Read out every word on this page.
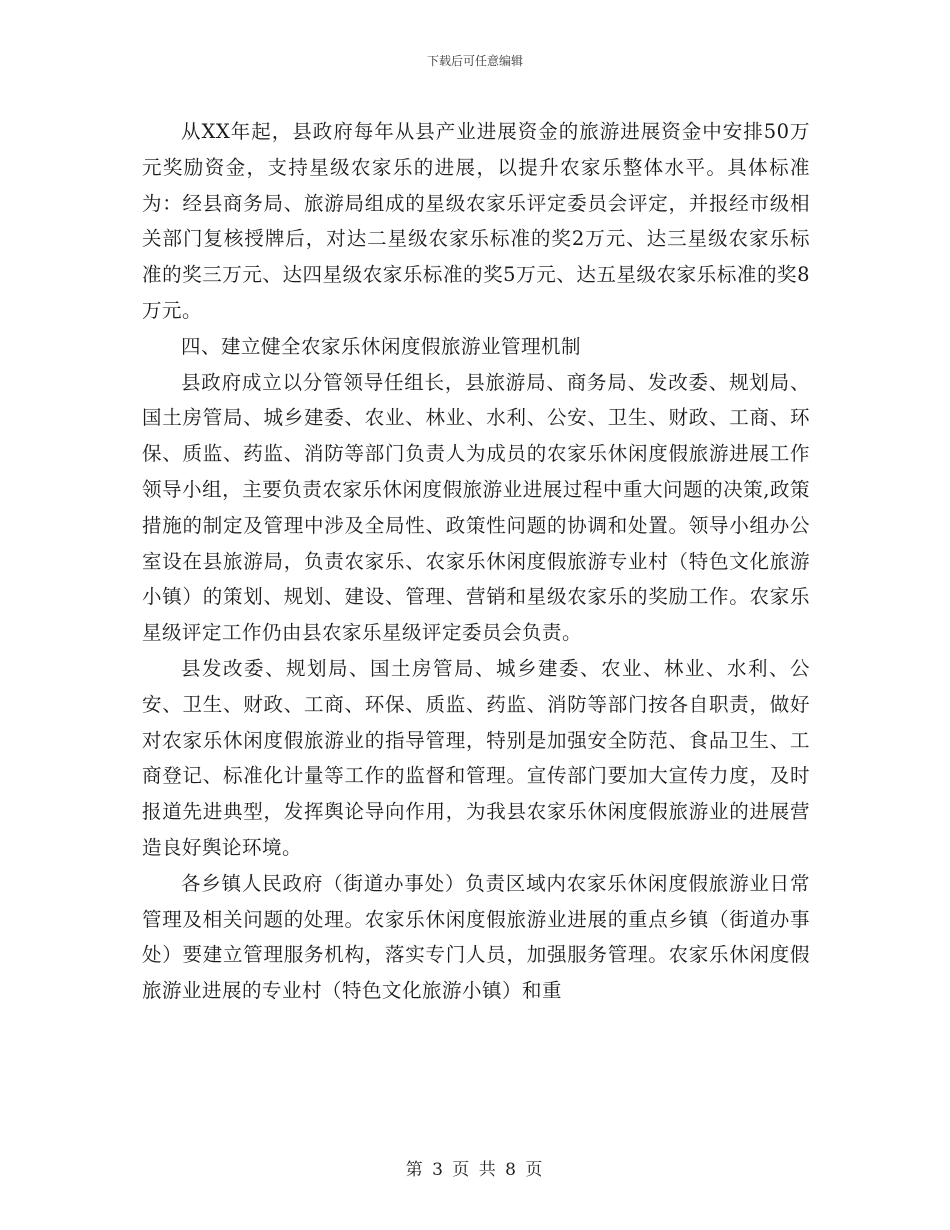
下载后可任意编辑

从XX年起，县政府每年从县产业进展资金的旅游进展资金中安排50万元奖励资金，支持星级农家乐的进展，以提升农家乐整体水平。具体标准为：经县商务局、旅游局组成的星级农家乐评定委员会评定，并报经市级相关部门复核授牌后，对达二星级农家乐标准的奖2万元、达三星级农家乐标准的奖三万元、达四星级农家乐标准的奖5万元、达五星级农家乐标准的奖8万元。

四、建立健全农家乐休闲度假旅游业管理机制

县政府成立以分管领导任组长，县旅游局、商务局、发改委、规划局、国土房管局、城乡建委、农业、林业、水利、公安、卫生、财政、工商、环保、质监、药监、消防等部门负责人为成员的农家乐休闲度假旅游进展工作领导小组，主要负责农家乐休闲度假旅游业进展过程中重大问题的决策,政策措施的制定及管理中涉及全局性、政策性问题的协调和处置。领导小组办公室设在县旅游局，负责农家乐、农家乐休闲度假旅游专业村（特色文化旅游小镇）的策划、规划、建设、管理、营销和星级农家乐的奖励工作。农家乐星级评定工作仍由县农家乐星级评定委员会负责。

县发改委、规划局、国土房管局、城乡建委、农业、林业、水利、公安、卫生、财政、工商、环保、质监、药监、消防等部门按各自职责，做好对农家乐休闲度假旅游业的指导管理，特别是加强安全防范、食品卫生、工商登记、标准化计量等工作的监督和管理。宣传部门要加大宣传力度，及时报道先进典型，发挥舆论导向作用，为我县农家乐休闲度假旅游业的进展营造良好舆论环境。

各乡镇人民政府（街道办事处）负责区域内农家乐休闲度假旅游业日常管理及相关问题的处理。农家乐休闲度假旅游业进展的重点乡镇（街道办事处）要建立管理服务机构，落实专门人员，加强服务管理。农家乐休闲度假旅游业进展的专业村（特色文化旅游小镇）和重

第 3 页 共 8 页
